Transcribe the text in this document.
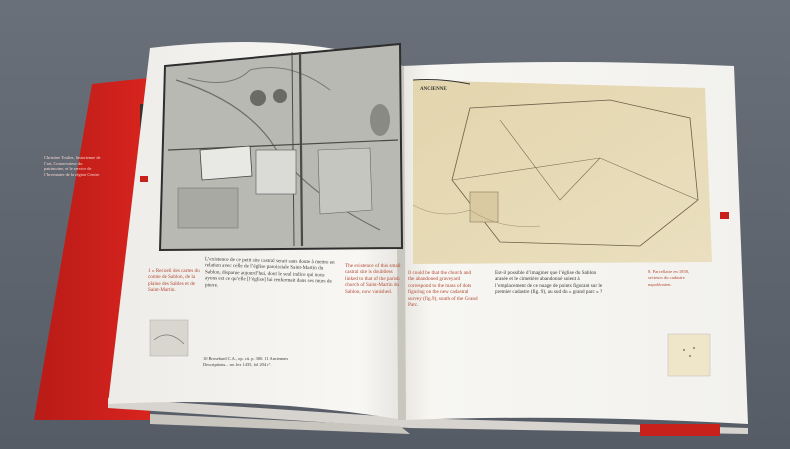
Christine Toulier, historienne de l’art, Conservateur du patrimoine, et le service de l’Inventaire de la région Centre.
1 » Recueil des cartes du comte de Sablon, de la plaine des Sables et de Saint-Martin.
L’existence de ce petit site castral serait sans doute à mettre en relation avec celle de l’église paroissiale Saint-Martin du Sablon, disparue aujourd’hui, dont le seul indice qui nous ayons est ce qu’elle [l’église] lui renfermait dans ses murs de pierre.
The existence of this small castral site is doubtless linked to that of the parish church of Saint-Martin du Sablon, now vanished.
10 Brosebard C.A., op. cit. p. 300. 11 Anciennes Descriptions... no.1ex 1435, fol 204 r°.
ANCIENNE
It could be that the church and the abandoned graveyard correspond to the mass of dots figuring on the new cadastral survey (fig.9), south of the Grand Parc.
Est-il possible d’imaginer que l’église du Sablon arasée et le cimetière abandonné soient à l’emplacement de ce nuage de points figurant sur le premier cadastre (fig. 9), au sud du « grand parc » ?
8. Parcellaire en 1850, secteurs du cadastre napoléonien.
